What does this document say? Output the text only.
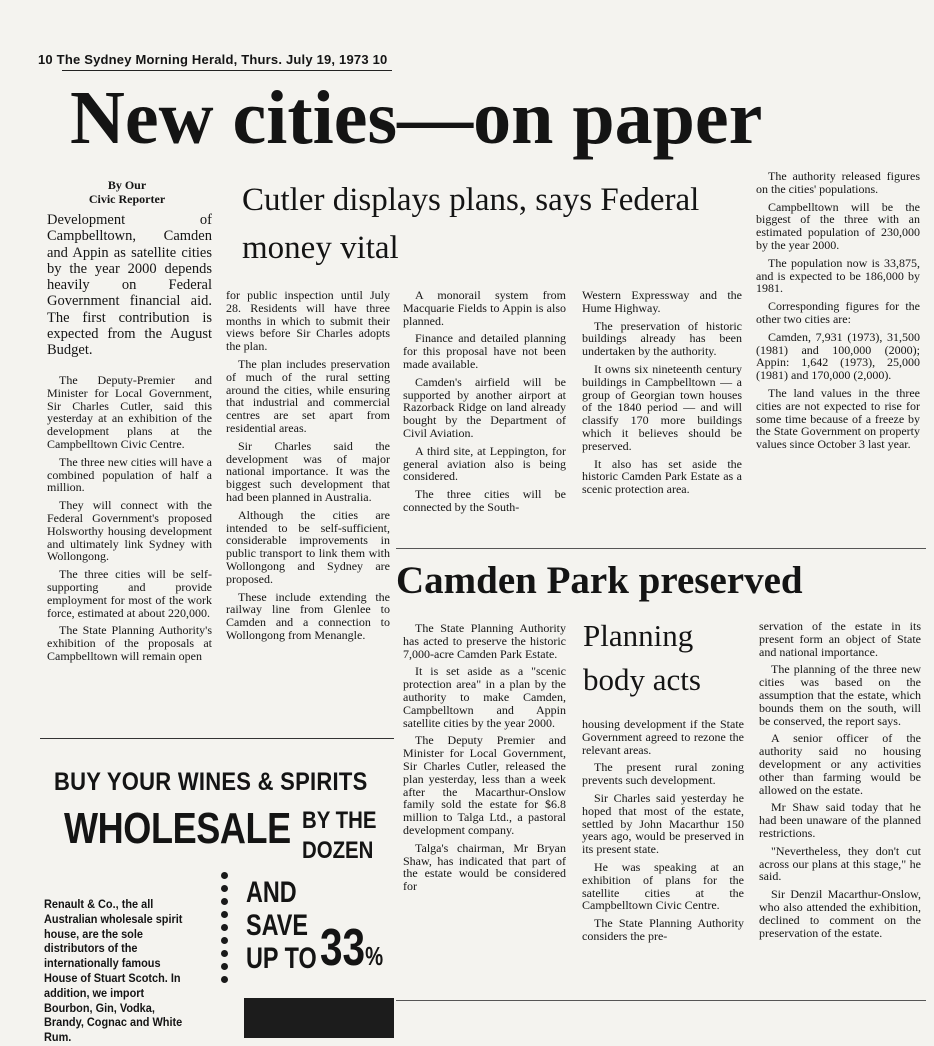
10 The Sydney Morning Herald, Thurs. July 19, 1973 10
New cities—on paper
By Our
Civic Reporter
Development of Campbelltown, Camden and Appin as satellite cities by the year 2000 depends heavily on Federal Government financial aid. The first contribution is expected from the August Budget.
Cutler displays plans, says Federal money vital

The Deputy-Premier and Minister for Local Government, Sir Charles Cutler, said this yesterday at an exhibition of the development plans at the Campbelltown Civic Centre.

The three new cities will have a combined population of half a million.

They will connect with the Federal Government's proposed Holsworthy housing development and ultimately link Sydney with Wollongong.

The three cities will be self-supporting and provide employment for most of the work force, estimated at about 220,000.

The State Planning Authority's exhibition of the proposals at Campbelltown will remain open

for public inspection until July 28. Residents will have three months in which to submit their views before Sir Charles adopts the plan.

The plan includes preservation of much of the rural setting around the cities, while ensuring that industrial and commercial centres are set apart from residential areas.

Sir Charles said the development was of major national importance. It was the biggest such development that had been planned in Australia.

Although the cities are intended to be self-sufficient, considerable improvements in public transport to link them with Wollongong and Sydney are proposed.

These include extending the railway line from Glenlee to Camden and a connection to Wollongong from Menangle.

A monorail system from Macquarie Fields to Appin is also planned.

Finance and detailed planning for this proposal have not been made available.

Camden's airfield will be supported by another airport at Razorback Ridge on land already bought by the Department of Civil Aviation.

A third site, at Leppington, for general aviation also is being considered.

The three cities will be connected by the South-

Western Expressway and the Hume Highway.

The preservation of historic buildings already has been undertaken by the authority.

It owns six nineteenth century buildings in Campbelltown — a group of Georgian town houses of the 1840 period — and will classify 170 more buildings which it believes should be preserved.

It also has set aside the historic Camden Park Estate as a scenic protection area.

The authority released figures on the cities' populations.

Campbelltown will be the biggest of the three with an estimated population of 230,000 by the year 2000.

The population now is 33,875, and is expected to be 186,000 by 1981.

Corresponding figures for the other two cities are:

Camden, 7,931 (1973), 31,500 (1981) and 100,000 (2000); Appin: 1,642 (1973), 25,000 (1981) and 170,000 (2,000).

The land values in the three cities are not expected to rise for some time because of a freeze by the State Government on property values since October 3 last year.

Camden Park preserved
Planning body acts

The State Planning Authority has acted to preserve the historic 7,000-acre Camden Park Estate.

It is set aside as a "scenic protection area" in a plan by the authority to make Camden, Campbelltown and Appin satellite cities by the year 2000.

The Deputy Premier and Minister for Local Government, Sir Charles Cutler, released the plan yesterday, less than a week after the Macarthur-Onslow family sold the estate for $6.8 million to Talga Ltd., a pastoral development company.

Talga's chairman, Mr Bryan Shaw, has indicated that part of the estate would be considered for

housing development if the State Government agreed to rezone the relevant areas.

The present rural zoning prevents such development.

Sir Charles said yesterday he hoped that most of the estate, settled by John Macarthur 150 years ago, would be preserved in its present state.

He was speaking at an exhibition of plans for the satellite cities at the Campbelltown Civic Centre.

The State Planning Authority considers the pre-

servation of the estate in its present form an object of State and national importance.

The planning of the three new cities was based on the assumption that the estate, which bounds them on the south, will be conserved, the report says.

A senior officer of the authority said no housing development or any activities other than farming would be allowed on the estate.

Mr Shaw said today that he had been unaware of the planned restrictions.

"Nevertheless, they don't cut across our plans at this stage," he said.

Sir Denzil Macarthur-Onslow, who also attended the exhibition, declined to comment on the preservation of the estate.

BUY YOUR WINES & SPIRITS
WHOLESALE BY THE
DOZEN
Renault & Co., the all Australian wholesale spirit house, are the sole distributors of the internationally famous House of Stuart Scotch. In addition, we import Bourbon, Gin, Vodka, Brandy, Cognac and White Rum.
AND
SAVE
UP TO 33%
